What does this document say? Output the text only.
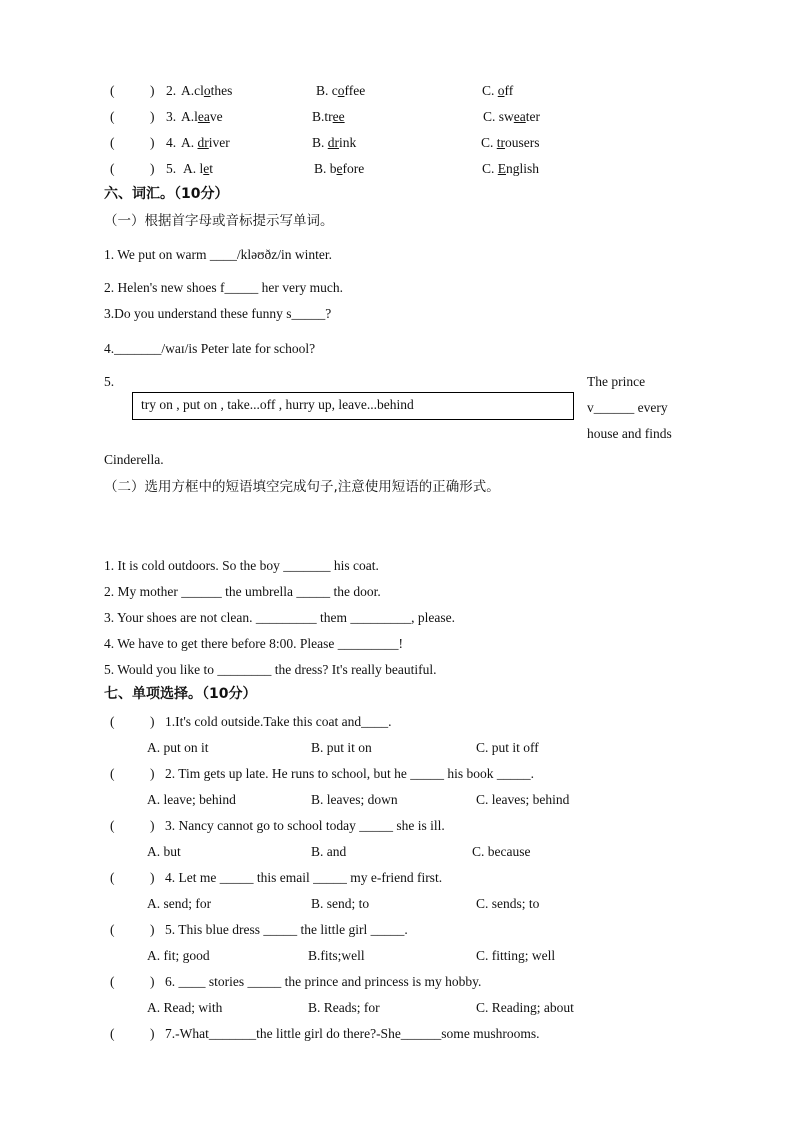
(	) 2. A.clothes	B. coffee	C. off
(	) 3. A.leave	B.tree	C. sweater
(	) 4. A. driver	B. drink	C. trousers
(	) 5. A. let	B. before	C. English
六、词汇。（10分）
（一）根据首字母或音标提示写单词。
1. We put on warm ____/kləʊðz/in winter.
2. Helen's new shoes f_____ her very much.
3.Do you understand these funny s_____?
4._______/waɪ/is Peter late for school?
5.	The prince
v______ every
house and finds
Cinderella.
try on , put on , take...off , hurry up, leave...behind
（二）选用方框中的短语填空完成句子,注意使用短语的正确形式。
1. It is cold outdoors. So the boy _______ his coat.
2. My mother ______ the umbrella _____ the door.
3. Your shoes are not clean. _________ them _________, please.
4. We have to get there before 8:00. Please _________!
5. Would you like to ________ the dress? It's really beautiful.
七、单项选择。（10分）
(	) 1.It's cold outside.Take this coat and____.
A. put on it	B. put it on	C. put it off
(	) 2. Tim gets up late. He runs to school, but he _____ his book _____.
A. leave; behind	B. leaves; down	C. leaves; behind
(	) 3. Nancy cannot go to school today _____ she is ill.
A. but	B. and	C. because
(	) 4. Let me _____ this email _____ my e-friend first.
A. send; for	B. send; to	C. sends; to
(	) 5. This blue dress _____ the little girl _____.
A. fit; good	B.fits;well	C. fitting; well
(	) 6. ____ stories _____ the prince and princess is my hobby.
A. Read; with	B. Reads; for	C. Reading; about
(	) 7.-What_______the little girl do there?-She______some mushrooms.
